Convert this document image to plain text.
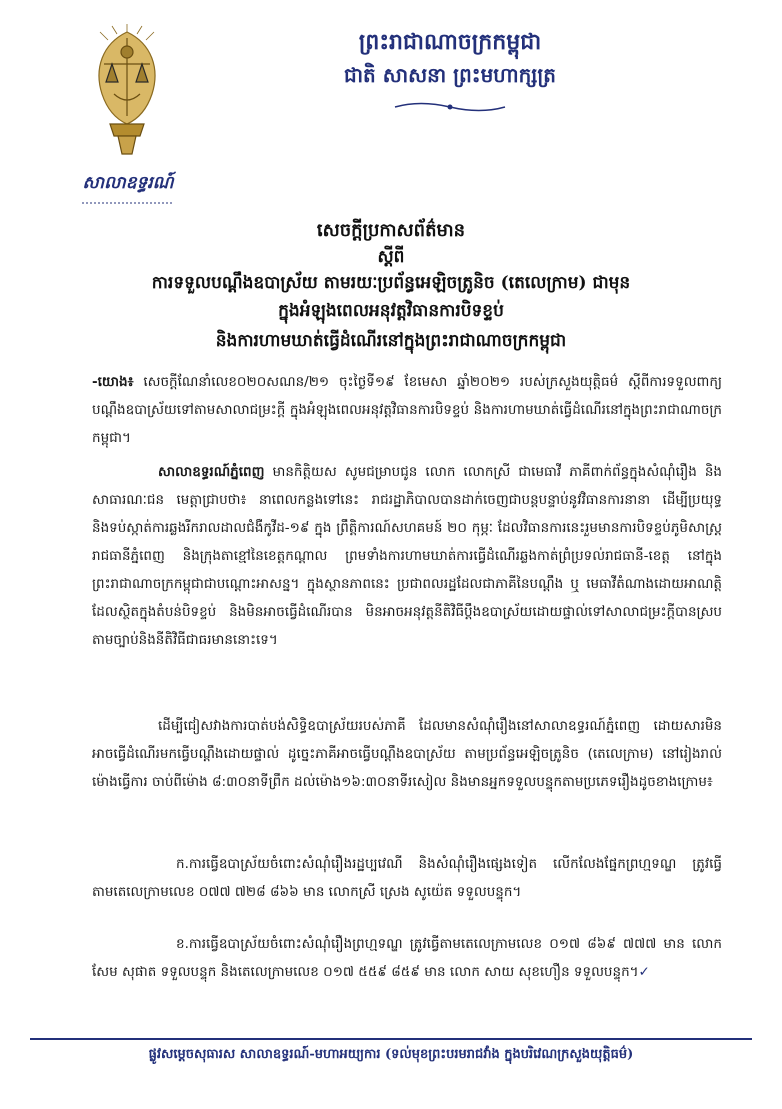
សាលាឧទ្ធរណ៍
ព្រះរាជាណាចក្រកម្ពុជា
ជាតិ សាសនា ព្រះមហាក្សត្រ
សេចក្ដីប្រកាសព័ត៌មាន
ស្ដីពី
ការទទួលបណ្ដឹងឧបាស្រ័យ តាមរយៈប្រព័ន្ធអេឡិចត្រូនិច (តេលេក្រាម) ជាមុន
ក្នុងអំឡុងពេលអនុវត្តវិធានការបិទខ្ទប់
និងការហាមឃាត់ធ្វើដំណើរនៅក្នុងព្រះរាជាណាចក្រកម្ពុជា
-យោង៖ សេចក្ដីណែនាំលេខ០២០សណន/២១ ចុះថ្ងៃទី១៩ ខែមេសា ឆ្នាំ២០២១ របស់ក្រសួងយុត្តិធម៌ ស្ដីពីការទទួលពាក្យបណ្ដឹងឧបាស្រ័យទៅតាមសាលាជម្រះក្ដី ក្នុងអំឡុងពេលអនុវត្តវិធានការបិទខ្ទប់ និងការហាមឃាត់ធ្វើដំណើរនៅក្នុងព្រះរាជាណាចក្រកម្ពុជា។
សាលាឧទ្ធរណ៍ភ្នំពេញ មានកិត្តិយស សូមជម្រាបជូន លោក លោកស្រី ជាមេធាវី ភាគីពាក់ព័ន្ធក្នុងសំណុំរឿង និងសាធារណៈជន មេត្តាជ្រាបថា៖ នាពេលកន្លងទៅនេះ រាជរដ្ឋាភិបាលបានដាក់ចេញជាបន្តបន្ទាប់នូវវិធានការនានា ដើម្បីប្រយុទ្ធនិងទប់ស្កាត់ការឆ្លងរីករាលដាលជំងឺកូវីដ-១៩ ក្នុង ព្រឹត្តិការណ៍សហគមន៍ ២០ កុម្ភៈ ដែលវិធានការនេះរួមមានការបិទខ្ទប់ភូមិសាស្ត្ររាជធានីភ្នំពេញ និងក្រុងតាខ្មៅនៃខេត្តកណ្ដាល ព្រមទាំងការហាមឃាត់ការធ្វើដំណើរឆ្លងកាត់ព្រំប្រទល់រាជធានី-ខេត្ត នៅក្នុងព្រះរាជាណាចក្រកម្ពុជាជាបណ្ដោះអាសន្ន។ ក្នុងស្ថានភាពនេះ ប្រជាពលរដ្ឋដែលជាភាគីនៃបណ្ដឹង ឬ មេធាវីតំណាងដោយអាណត្តិដែលស្ថិតក្នុងតំបន់បិទខ្ទប់ និងមិនអាចធ្វើដំណើរបាន មិនអាចអនុវត្តនីតិវិធីប្ដឹងឧបាស្រ័យដោយផ្ទាល់ទៅសាលាជម្រះក្ដីបានស្របតាមច្បាប់និងនីតិវិធីជាធរមាននោះទេ។
ដើម្បីជៀសវាងការបាត់បង់សិទ្ធិឧបាស្រ័យរបស់ភាគី ដែលមានសំណុំរឿងនៅសាលាឧទ្ធរណ៍ភ្នំពេញ ដោយសារមិនអាចធ្វើដំណើរមកធ្វើបណ្ដឹងដោយផ្ទាល់ ដូច្នេះភាគីអាចធ្វើបណ្ដឹងឧបាស្រ័យ តាមប្រព័ន្ធអេឡិចត្រូនិច (តេលេក្រាម) នៅរៀងរាល់ម៉ោងធ្វើការ ចាប់ពីម៉ោង ៨:៣០នាទីព្រឹក ដល់ម៉ោង១៦:៣០នាទីរសៀល និងមានអ្នកទទួលបន្ទុកតាមប្រភេទរឿងដូចខាងក្រោម៖
ក.ការធ្វើឧបាស្រ័យចំពោះសំណុំរឿងរដ្ឋប្បវេណី និងសំណុំរឿងផ្សេងទៀត លើកលែងផ្នែកព្រហ្មទណ្ឌ ត្រូវធ្វើតាមតេលេក្រាមលេខ ០៧៧ ៧២៨ ៨៦៦ មាន លោកស្រី ស្រេង សូយ៉េត ទទួលបន្ទុក។
ខ.ការធ្វើឧបាស្រ័យចំពោះសំណុំរឿងព្រហ្មទណ្ឌ ត្រូវធ្វើតាមតេលេក្រាមលេខ ០១៧ ៨៦៩ ៧៧៧ មាន លោក សែម សុផាត ទទួលបន្ទុក និងតេលេក្រាមលេខ ០១៧ ៥៥៩ ៨៥៩ មាន លោក សាយ សុខហឿន ទទួលបន្ទុក។✓
ផ្លូវសម្ដេចសុធារស សាលាឧទ្ធរណ៍-មហាអយ្យការ (ទល់មុខព្រះបរមរាជវាំង ក្នុងបរិវេណក្រសួងយុត្តិធម៌)
